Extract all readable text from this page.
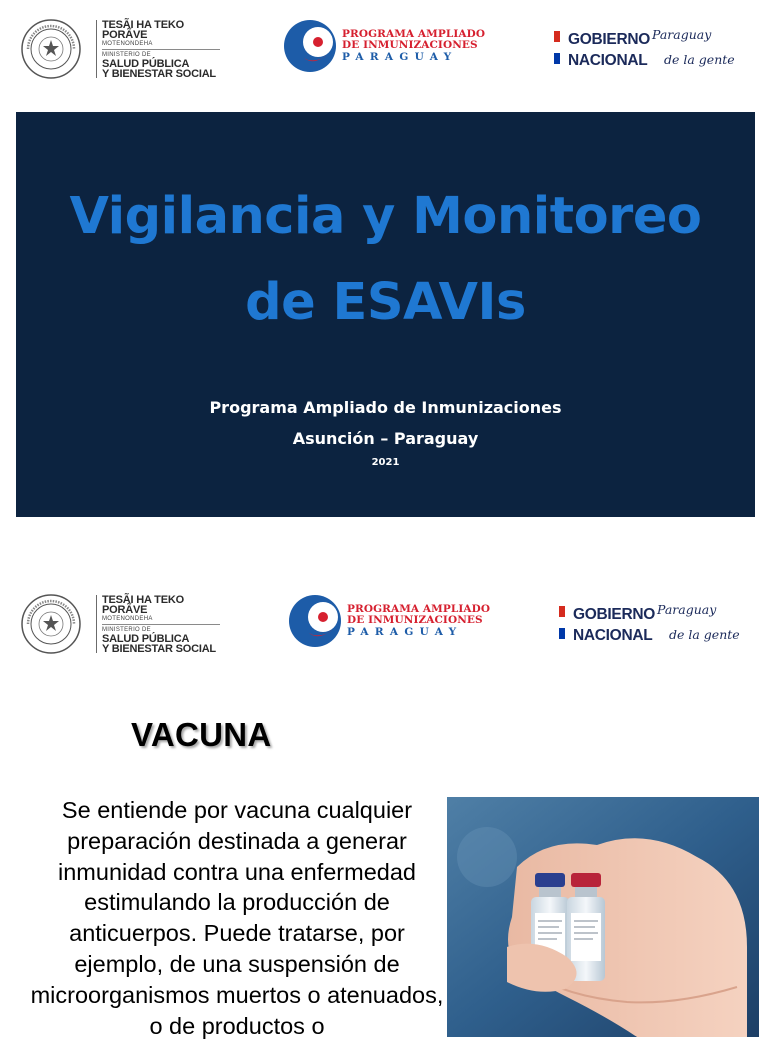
TESÃI HA TEKO
PORÃVE
MOTENONDEHA
MINISTERIO DE
SALUD PÚBLICA
Y BIENESTAR SOCIAL
PROGRAMA AMPLIADO
DE INMUNIZACIONES
PARAGUAY
GOBIERNO
NACIONAL
Paraguay
de la gente
Vigilancia y Monitoreo
de ESAVIs
Programa Ampliado de Inmunizaciones
Asunción – Paraguay
2021
TESÃI HA TEKO
PORÃVE
MOTENONDEHA
MINISTERIO DE
SALUD PÚBLICA
Y BIENESTAR SOCIAL
PROGRAMA AMPLIADO
DE INMUNIZACIONES
PARAGUAY
GOBIERNO
NACIONAL
Paraguay
de la gente
VACUNA
Se entiende por vacuna cualquier preparación destinada a generar inmunidad contra una enfermedad estimulando la producción de anticuerpos. Puede tratarse, por ejemplo, de una suspensión de microorganismos muertos o atenuados, o de productos o
